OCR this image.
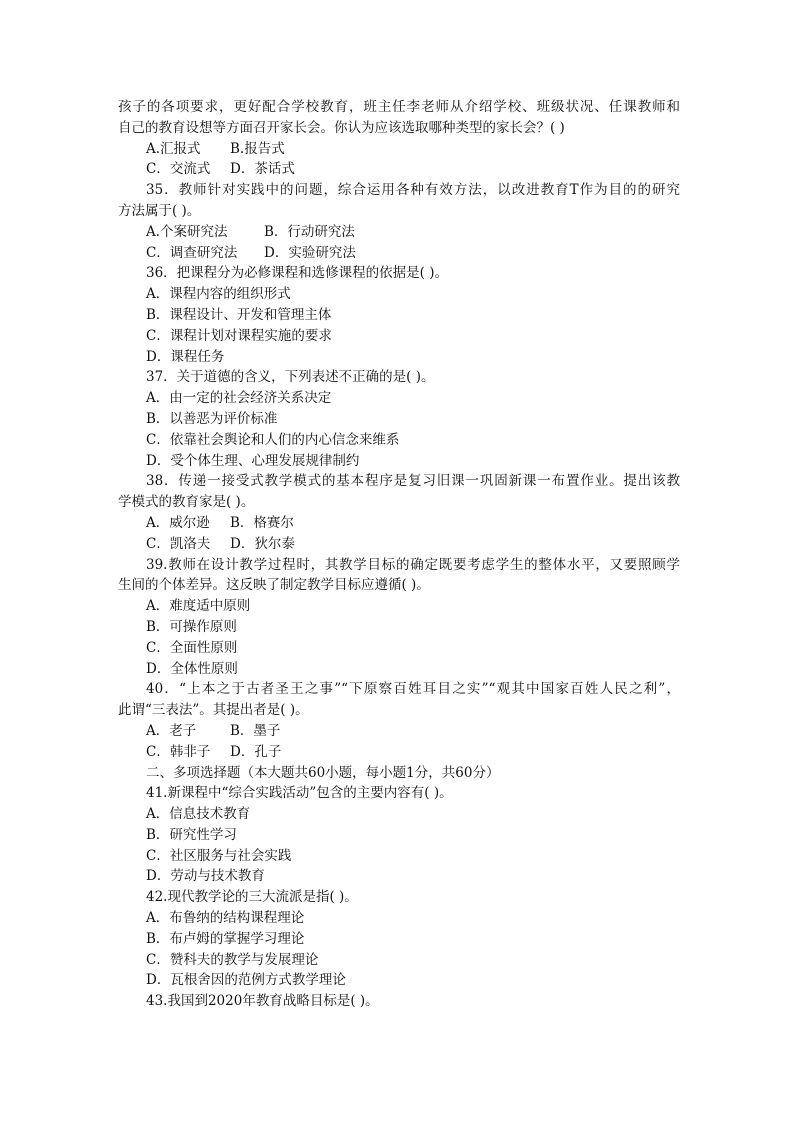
孩子的各项要求，更好配合学校教育，班主任李老师从介绍学校、班级状况、任课教师和
自己的教育设想等方面召开家长会。你认为应该选取哪种类型的家长会？( )
A.汇报式 B.报告式
C．交流式 D．茶话式
35．教师针对实践中的问题，综合运用各种有效方法，以改进教育T作为目的的研究
方法属于( )。
A.个案研究法	B．行动研究法
C．调查研究法 D．实验研究法
36．把课程分为必修课程和选修课程的依据是( )。
A．课程内容的组织形式
B．课程设计、开发和管理主体
C．课程计划对课程实施的要求
D．课程任务
37．关于道德的含义，下列表述不正确的是( )。
A．由一定的社会经济关系决定
B．以善恶为评价标准
C．依靠社会舆论和人们的内心信念来维系
D．受个体生理、心理发展规律制约
38．传递一接受式教学模式的基本程序是复习旧课一巩固新课一布置作业。提出该教
学模式的教育家是( )。
A．威尔逊 B．格赛尔
C．凯洛夫 D．狄尔泰
39.教师在设计教学过程时，其教学目标的确定既要考虑学生的整体水平，又要照顾学
生间的个体差异。这反映了制定教学目标应遵循( )。
A．难度适中原则
B．可操作原则
C．全面性原则
D．全体性原则
40．“上本之于古者圣王之事”“下原察百姓耳目之实”“观其中国家百姓人民之利”，
此谓“三表法”。其提出者是( )。
A．老子	B．墨子
C．韩非子 D．孔子
二、多项选择题（本大题共60小题，每小题1分，共60分）
41.新课程中“综合实践活动”包含的主要内容有( )。
A．信息技术教育
B．研究性学习
C．社区服务与社会实践
D．劳动与技术教育
42.现代教学论的三大流派是指( )。
A．布鲁纳的结构课程理论
B．布卢姆的掌握学习理论
C．赞科夫的教学与发展理论
D．瓦根舍因的范例方式教学理论
43.我国到2020年教育战略目标是( )。
